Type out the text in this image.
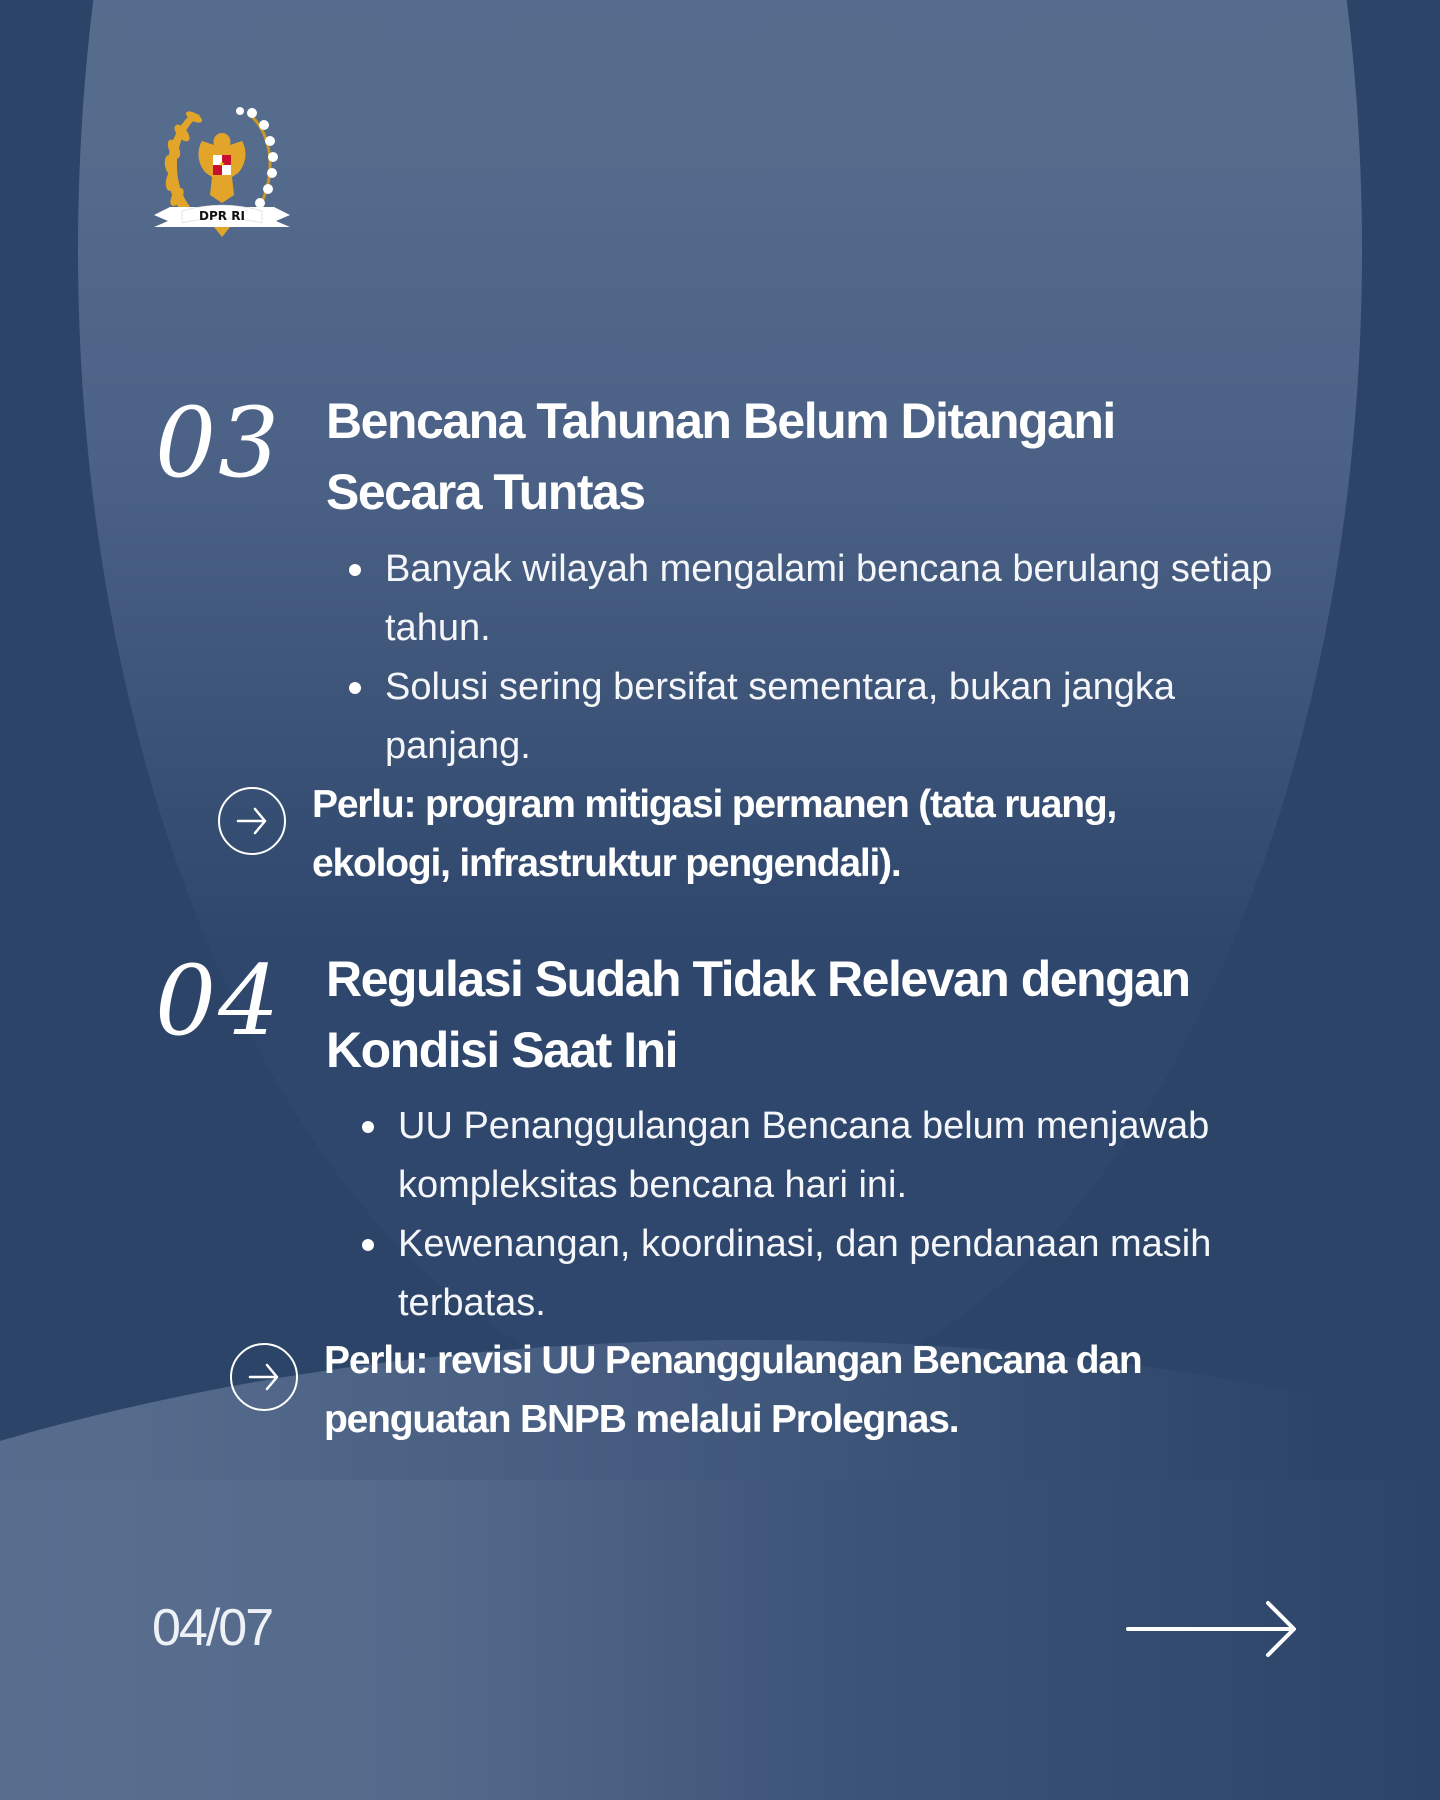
DPR RI
03 Bencana Tahunan Belum Ditangani
Secara Tuntas
Banyak wilayah mengalami bencana berulang setiap
tahun.
Solusi sering bersifat sementara, bukan jangka
panjang.
Perlu: program mitigasi permanen (tata ruang,
ekologi, infrastruktur pengendali).
04 Regulasi Sudah Tidak Relevan dengan
Kondisi Saat Ini
UU Penanggulangan Bencana belum menjawab
kompleksitas bencana hari ini.
Kewenangan, koordinasi, dan pendanaan masih
terbatas.
Perlu: revisi UU Penanggulangan Bencana dan
penguatan BNPB melalui Prolegnas.
04/07
